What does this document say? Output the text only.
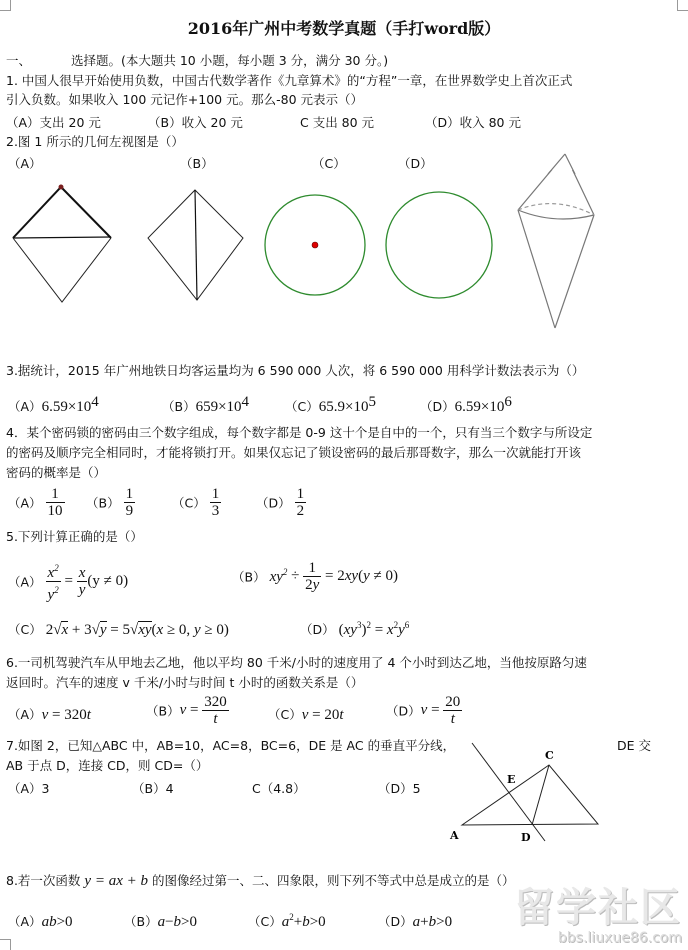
2016年广州中考数学真题（手打word版）
一、	选择题。(本大题共 10 小题，每小题 3 分，满分 30 分。)
1. 中国人很早开始使用负数，中国古代数学著作《九章算术》的“方程”一章，在世界数学史上首次正式
引入负数。如果收入 100 元记作+100 元。那么-80 元表示（）
（A）支出 20 元	（B）收入 20 元	C 支出 80 元	（D）收入 80 元
2.图 1 所示的几何左视图是（）
（A）	（B）	（C）	（D）
3.据统计，2015 年广州地铁日均客运量均为 6 590 000 人次，将 6 590 000 用科学计数法表示为（）
$(A)6.59\times 10^4$	$(B)659\times 10^4$	$(C)65.9\times 10^5$	$(D)6.59\times 10^6$
4．某个密码锁的密码由三个数字组成，每个数字都是 0-9 这十个是自中的一个，只有当三个数字与所设定
的密码及顺序完全相同时，才能将锁打开。如果仅忘记了锁设密码的最后那哥数字，那么一次就能打开该
密码的概率是（）
$(A) \frac{1}{10} (B) \frac{1}{9}$	$(C) \frac{1}{3}$	$(D) \frac{1}{2}$
5.下列计算正确的是（）
$(A) \frac{x^2}{y^2} = \frac{x}{y} (y \ne 0)$	（B） $xy^2 \div \frac{1}{2y} = 2xy(y \ne 0)$
（C） 2√x + 3√y = 5√xy(x ≥ 0, y ≥ 0)	（D） $(xy^3)^2 = x^2y^6$
6.一司机驾驶汽车从甲地去乙地，他以平均 80 千米/小时的速度用了 4 个小时到达乙地，当他按原路匀速
返回时。汽车的速度 v 千米/小时与时间 t 小时的函数关系是（）
（A）v = 320t	$(B)v = \frac{320}{t}$	（C）v = 20t	$(D)v = \frac{20}{t}$
7.如图 2，已知△ABC 中，AB=10，AC=8，BC=6，DE 是 AC 的垂直平分线，	DE 交
AB 于点 D，连接 CD，则 CD=（）
（A）3	（B）4	C（4.8）	（D）5
C
E
A	D
8.若一次函数 y = ax + b 的图像经过第一、二、四象限，则下列不等式中总是成立的是（）
（A）ab>0	（B）a−b>0	$(C)a^2+b>0$	（D）a+b>0 留学社区
bbs.liuxue86.com
